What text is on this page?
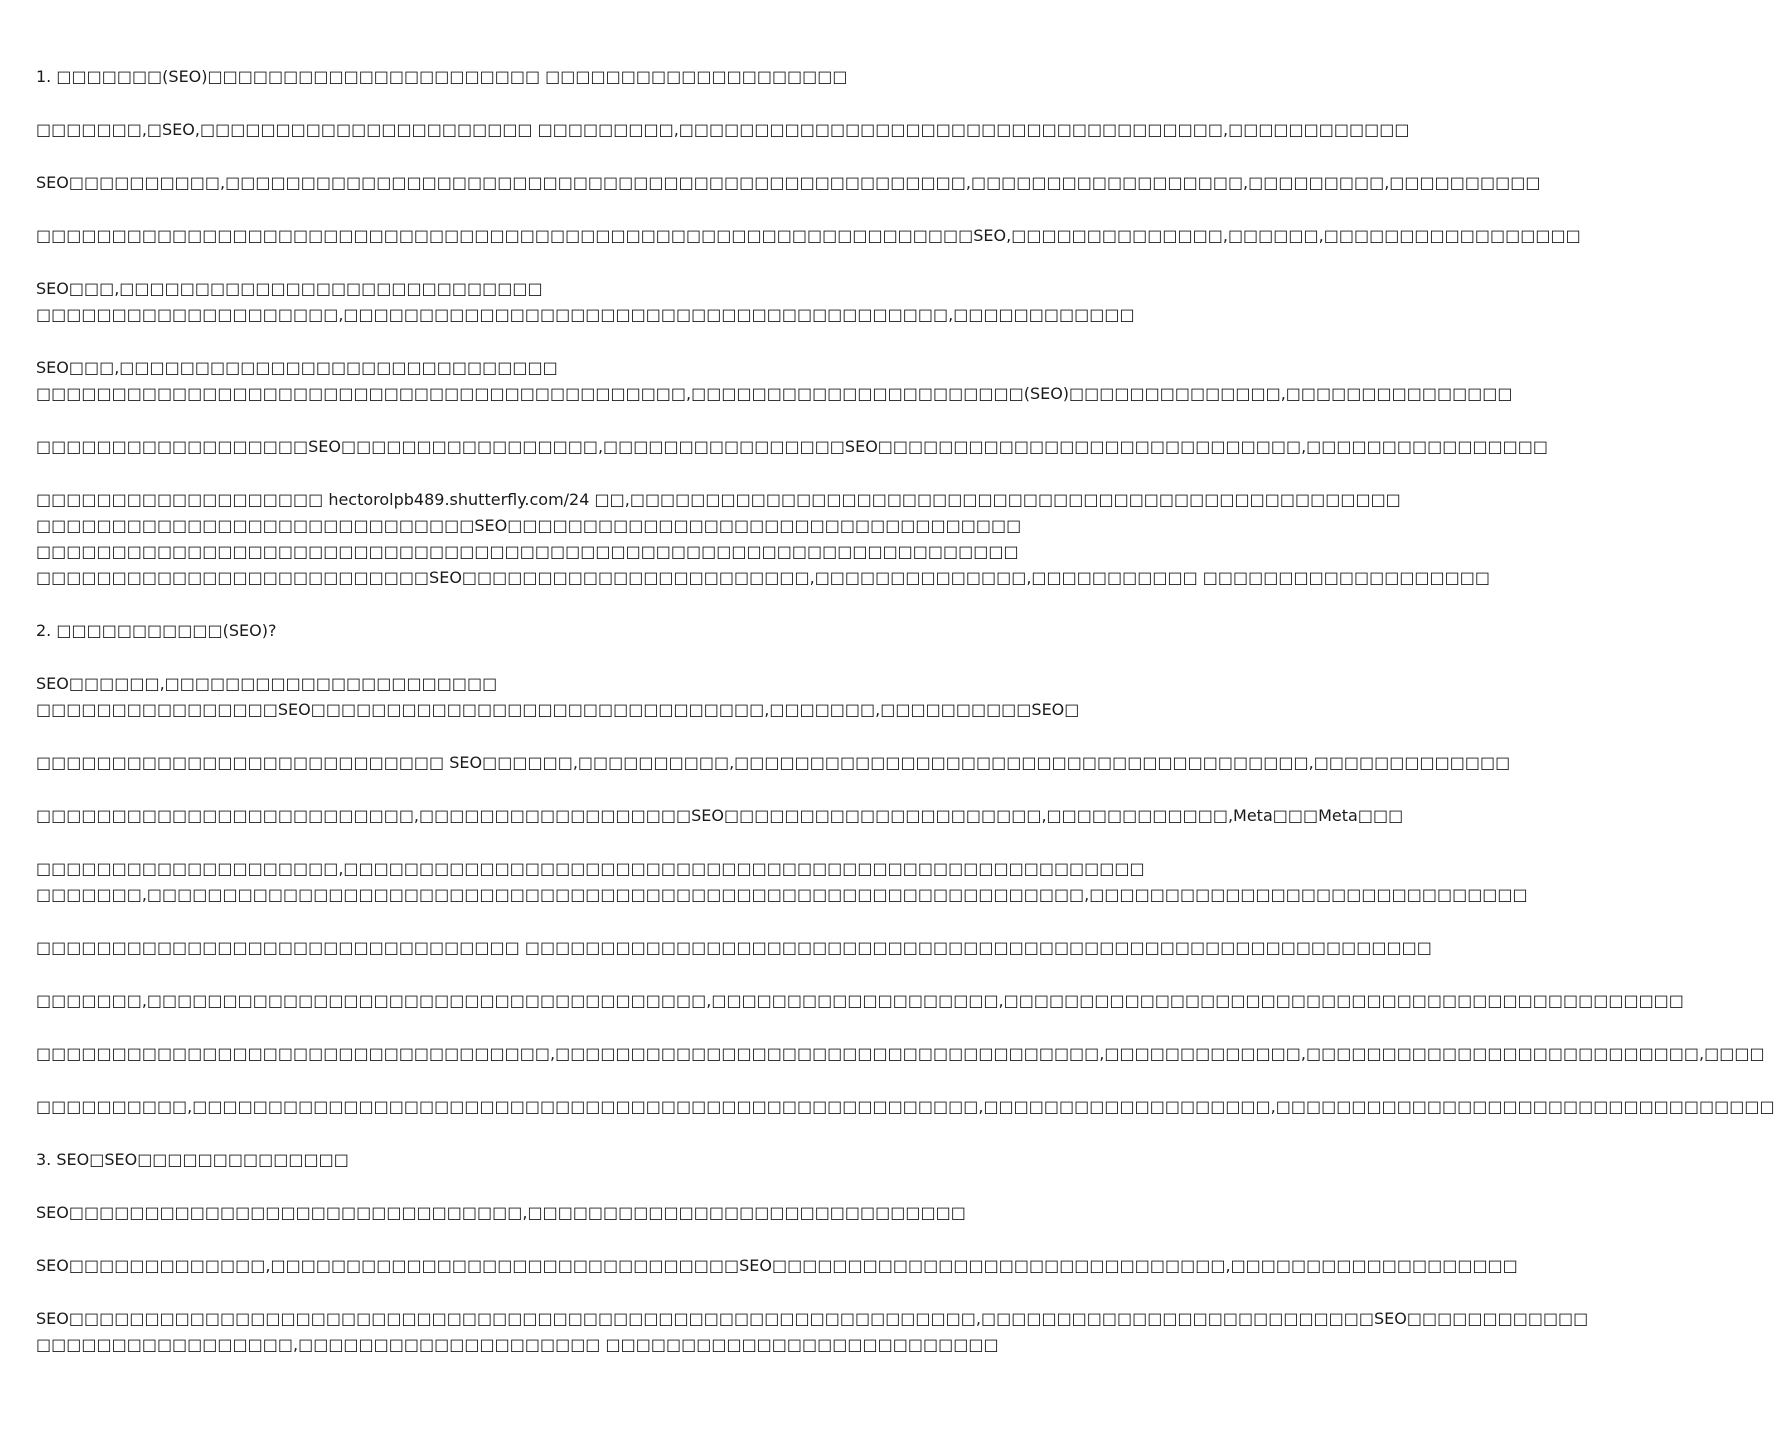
1. □□□□□□□(SEO)□□□□□□□□□□□□□□□□□□□□□□ □□□□□□□□□□□□□□□□□□□□
□□□□□□□,□SEO,□□□□□□□□□□□□□□□□□□□□□□ □□□□□□□□□,□□□□□□□□□□□□□□□□□□□□□□□□□□□□□□□□□□□□,□□□□□□□□□□□□
SEO□□□□□□□□□□,□□□□□□□□□□□□□□□□□□□□□□□□□□□□□□□□□□□□□□□□□□□□□□□□□,□□□□□□□□□□□□□□□□□□,□□□□□□□□□,□□□□□□□□□□
□□□□□□□□□□□□□□□□□□□□□□□□□□□□□□□□□□□□□□□□□□□□□□□□□□□□□□□□□□□□□□SEO,□□□□□□□□□□□□□□,□□□□□□,□□□□□□□□□□□□□□□□□
SEO□□□,□□□□□□□□□□□□□□□□□□□□□□□□□□□□
□□□□□□□□□□□□□□□□□□□□,□□□□□□□□□□□□□□□□□□□□□□□□□□□□□□□□□□□□□□□□,□□□□□□□□□□□□
SEO□□□,□□□□□□□□□□□□□□□□□□□□□□□□□□□□□
□□□□□□□□□□□□□□□□□□□□□□□□□□□□□□□□□□□□□□□□□□□,□□□□□□□□□□□□□□□□□□□□□□(SEO)□□□□□□□□□□□□□□,□□□□□□□□□□□□□□□
□□□□□□□□□□□□□□□□□□SEO□□□□□□□□□□□□□□□□□,□□□□□□□□□□□□□□□□SEO□□□□□□□□□□□□□□□□□□□□□□□□□□□□,□□□□□□□□□□□□□□□□
□□□□□□□□□□□□□□□□□□□ hectorolpb489.shutterfly.com/24 □□,□□□□□□□□□□□□□□□□□□□□□□□□□□□□□□□□□□□□□□□□□□□□□□□□□□□
□□□□□□□□□□□□□□□□□□□□□□□□□□□□□SEO□□□□□□□□□□□□□□□□□□□□□□□□□□□□□□□□□□
□□□□□□□□□□□□□□□□□□□□□□□□□□□□□□□□□□□□□□□□□□□□□□□□□□□□□□□□□□□□□□□□□
□□□□□□□□□□□□□□□□□□□□□□□□□□SEO□□□□□□□□□□□□□□□□□□□□□□□,□□□□□□□□□□□□□□,□□□□□□□□□□□ □□□□□□□□□□□□□□□□□□□
2. □□□□□□□□□□□(SEO)?
SEO□□□□□□,□□□□□□□□□□□□□□□□□□□□□□
□□□□□□□□□□□□□□□□SEO□□□□□□□□□□□□□□□□□□□□□□□□□□□□□□,□□□□□□□,□□□□□□□□□□SEO□
□□□□□□□□□□□□□□□□□□□□□□□□□□□ SEO□□□□□□,□□□□□□□□□□,□□□□□□□□□□□□□□□□□□□□□□□□□□□□□□□□□□□□□□,□□□□□□□□□□□□□
□□□□□□□□□□□□□□□□□□□□□□□□□,□□□□□□□□□□□□□□□□□□SEO□□□□□□□□□□□□□□□□□□□□□,□□□□□□□□□□□□,Meta□□□Meta□□□
□□□□□□□□□□□□□□□□□□□□,□□□□□□□□□□□□□□□□□□□□□□□□□□□□□□□□□□□□□□□□□□□□□□□□□□□□□
□□□□□□□,□□□□□□□□□□□□□□□□□□□□□□□□□□□□□□□□□□□□□□□□□□□□□□□□□□□□□□□□□□□□□□,□□□□□□□□□□□□□□□□□□□□□□□□□□□□□
□□□□□□□□□□□□□□□□□□□□□□□□□□□□□□□□ □□□□□□□□□□□□□□□□□□□□□□□□□□□□□□□□□□□□□□□□□□□□□□□□□□□□□□□□□□□□
□□□□□□□,□□□□□□□□□□□□□□□□□□□□□□□□□□□□□□□□□□□□□,□□□□□□□□□□□□□□□□□□□,□□□□□□□□□□□□□□□□□□□□□□□□□□□□□□□□□□□□□□□□□□□□□
□□□□□□□□□□□□□□□□□□□□□□□□□□□□□□□□□□,□□□□□□□□□□□□□□□□□□□□□□□□□□□□□□□□□□□□,□□□□□□□□□□□□□,□□□□□□□□□□□□□□□□□□□□□□□□□□,□□□□
□□□□□□□□□□,□□□□□□□□□□□□□□□□□□□□□□□□□□□□□□□□□□□□□□□□□□□□□□□□□□□□,□□□□□□□□□□□□□□□□□□□,□□□□□□□□□□□□□□□□□□□□□□□□□□□□□□□□□
3. SEO□SEO□□□□□□□□□□□□□□
SEO□□□□□□□□□□□□□□□□□□□□□□□□□□□□□□,□□□□□□□□□□□□□□□□□□□□□□□□□□□□□
SEO□□□□□□□□□□□□□,□□□□□□□□□□□□□□□□□□□□□□□□□□□□□□□SEO□□□□□□□□□□□□□□□□□□□□□□□□□□□□□□,□□□□□□□□□□□□□□□□□□□
SEO□□□□□□□□□□□□□□□□□□□□□□□□□□□□□□□□□□□□□□□□□□□□□□□□□□□□□□□□□□□□,□□□□□□□□□□□□□□□□□□□□□□□□□□SEO□□□□□□□□□□□□
□□□□□□□□□□□□□□□□□,□□□□□□□□□□□□□□□□□□□□ □□□□□□□□□□□□□□□□□□□□□□□□□□
